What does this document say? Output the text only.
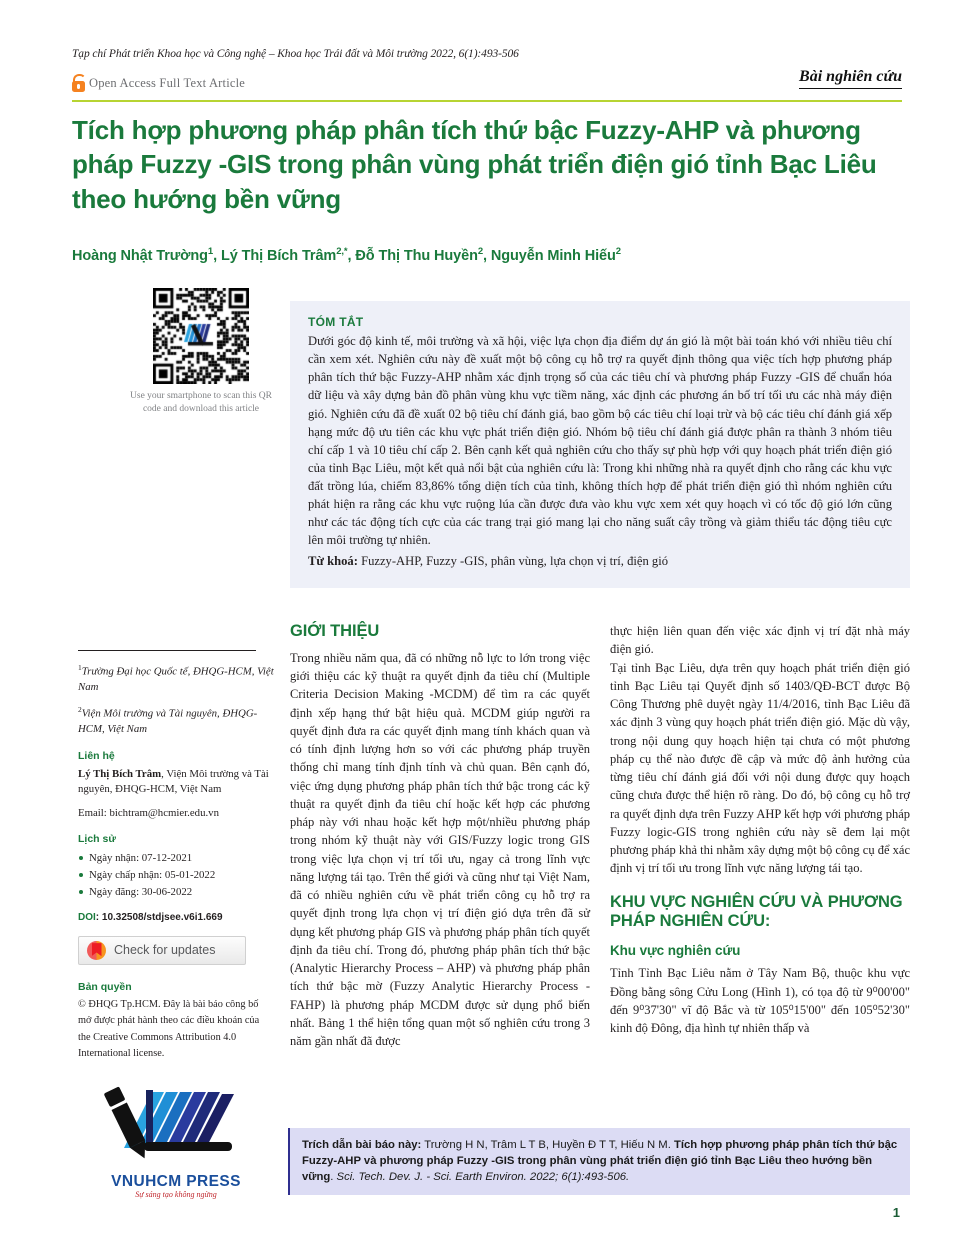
Tạp chí Phát triển Khoa học và Công nghệ – Khoa học Trái đất và Môi trường 2022, 6(1):493-506
Open Access Full Text Article	Bài nghiên cứu
Tích hợp phương pháp phân tích thứ bậc Fuzzy-AHP và phương pháp Fuzzy -GIS trong phân vùng phát triển điện gió tỉnh Bạc Liêu theo hướng bền vững
Hoàng Nhật Trường$^1$, Lý Thị Bích Trâm$^{2,*}$, Đỗ Thị Thu Huyền$^2$, Nguyễn Minh Hiếu$^2$
Use your smartphone to scan this QR code and download this article
TÓM TẮT
Dưới góc độ kinh tế, môi trường và xã hội, việc lựa chọn địa điểm dự án gió là một bài toán khó với nhiều tiêu chí cần xem xét. Nghiên cứu này đề xuất một bộ công cụ hỗ trợ ra quyết định thông qua việc tích hợp phương pháp phân tích thứ bậc Fuzzy-AHP nhằm xác định trọng số của các tiêu chí và phương pháp Fuzzy -GIS để chuẩn hóa dữ liệu và xây dựng bản đồ phân vùng khu vực tiềm năng, xác định các phương án bố trí tối ưu các nhà máy điện gió. Nghiên cứu đã đề xuất 02 bộ tiêu chí đánh giá, bao gồm bộ các tiêu chí loại trừ và bộ các tiêu chí đánh giá xếp hạng mức độ ưu tiên các khu vực phát triển điện gió. Nhóm bộ tiêu chí đánh giá được phân ra thành 3 nhóm tiêu chí cấp 1 và 10 tiêu chí cấp 2. Bên cạnh kết quả nghiên cứu cho thấy sự phù hợp với quy hoạch phát triển điện gió của tỉnh Bạc Liêu, một kết quả nổi bật của nghiên cứu là: Trong khi những nhà ra quyết định cho rằng các khu vực đất trồng lúa, chiếm 83,86% tổng diện tích của tỉnh, không thích hợp để phát triển điện gió thì nhóm nghiên cứu phát hiện ra rằng các khu vực ruộng lúa cần được đưa vào khu vực xem xét quy hoạch vì có tốc độ gió lớn cũng như các tác động tích cực của các trang trại gió mang lại cho năng suất cây trồng và giảm thiểu tác động tiêu cực lên môi trường tự nhiên.
Từ khoá: Fuzzy-AHP, Fuzzy -GIS, phân vùng, lựa chọn vị trí, điện gió
$^1$Trường Đại học Quốc tế, ĐHQG-HCM, Việt Nam
$^2$Viện Môi trường và Tài nguyên, ĐHQG-HCM, Việt Nam
Liên hệ
Lý Thị Bích Trâm, Viện Môi trường và Tài nguyên, ĐHQG-HCM, Việt Nam
Email: bichtram@hcmier.edu.vn
Lịch sử
Ngày nhận: 07-12-2021
Ngày chấp nhận: 05-01-2022
Ngày đăng: 30-06-2022
DOI: 10.32508/stdjsee.v6i1.669
Check for updates
Bản quyền
© ĐHQG Tp.HCM. Đây là bài báo công bố mở được phát hành theo các điều khoản của the Creative Commons Attribution 4.0 International license.
VNUHCM PRESS
Sự sáng tạo không ngừng
GIỚI THIỆU

Trong nhiều năm qua, đã có những nỗ lực to lớn trong việc giới thiệu các kỹ thuật ra quyết định đa tiêu chí (Multiple Criteria Decision Making -MCDM) để tìm ra các quyết định xếp hạng thứ bật hiệu quả. MCDM giúp người ra quyết định đưa ra các quyết định mang tính khách quan và có tính định lượng hơn so với các phương pháp truyền thống chỉ mang tính định tính và chủ quan. Bên cạnh đó, việc ứng dụng phương pháp phân tích thứ bậc trong các kỹ thuật ra quyết định đa tiêu chí hoặc kết hợp các phương pháp này với nhau hoặc kết hợp một/nhiều phương pháp trong nhóm kỹ thuật này với GIS/Fuzzy logic trong GIS trong việc lựa chọn vị trí tối ưu, ngay cả trong lĩnh vực năng lượng tái tạo. Trên thế giới và cũng như tại Việt Nam, đã có nhiều nghiên cứu về phát triển công cụ hỗ trợ ra quyết định trong lựa chọn vị trí điện gió dựa trên đã sử dụng kết phương pháp GIS và phương pháp phân tích quyết định đa tiêu chí. Trong đó, phương pháp phân tích thứ bậc (Analytic Hierarchy Process – AHP) và phương pháp phân tích thứ bậc mờ (Fuzzy Analytic Hierarchy Process - FAHP) là phương pháp MCDM được sử dụng phổ biến nhất. Bảng 1 thể hiện tổng quan một số nghiên cứu trong 3 năm gần nhất đã được

thực hiện liên quan đến việc xác định vị trí đặt nhà máy điện gió.

Tại tỉnh Bạc Liêu, dựa trên quy hoạch phát triển điện gió tỉnh Bạc Liêu tại Quyết định số 1403/QĐ-BCT được Bộ Công Thương phê duyệt ngày 11/4/2016, tỉnh Bạc Liêu đã xác định 3 vùng quy hoạch phát triển điện gió. Mặc dù vậy, trong nội dung quy hoạch hiện tại chưa có một phương pháp cụ thể nào được đề cập và mức độ ảnh hưởng của từng tiêu chí đánh giá đối với nội dung được quy hoạch cũng chưa được thể hiện rõ ràng. Do đó, bộ công cụ hỗ trợ ra quyết định dựa trên Fuzzy AHP kết hợp với phương pháp Fuzzy logic-GIS trong nghiên cứu này sẽ đem lại một phương pháp khả thi nhằm xây dựng một bộ công cụ để xác định vị trí tối ưu trong lĩnh vực năng lượng tái tạo.

KHU VỰC NGHIÊN CỨU VÀ PHƯƠNG PHÁP NGHIÊN CỨU:
Khu vực nghiên cứu

Tỉnh Tỉnh Bạc Liêu nằm ở Tây Nam Bộ, thuộc khu vực Đồng bằng sông Cửu Long (Hình 1), có tọa độ từ 9⁰00'00" đến 9⁰37'30" vĩ độ Bắc và từ 105⁰15'00" đến 105⁰52'30" kinh độ Đông, địa hình tự nhiên thấp và

Trích dẫn bài báo này: Trường H N, Trâm L T B, Huyền Đ T T, Hiếu N M. Tích hợp phương pháp phân tích thứ bậc Fuzzy-AHP và phương pháp Fuzzy -GIS trong phân vùng phát triển điện gió tỉnh Bạc Liêu theo hướng bền vững. Sci. Tech. Dev. J. - Sci. Earth Environ. 2022; 6(1):493-506.
1
